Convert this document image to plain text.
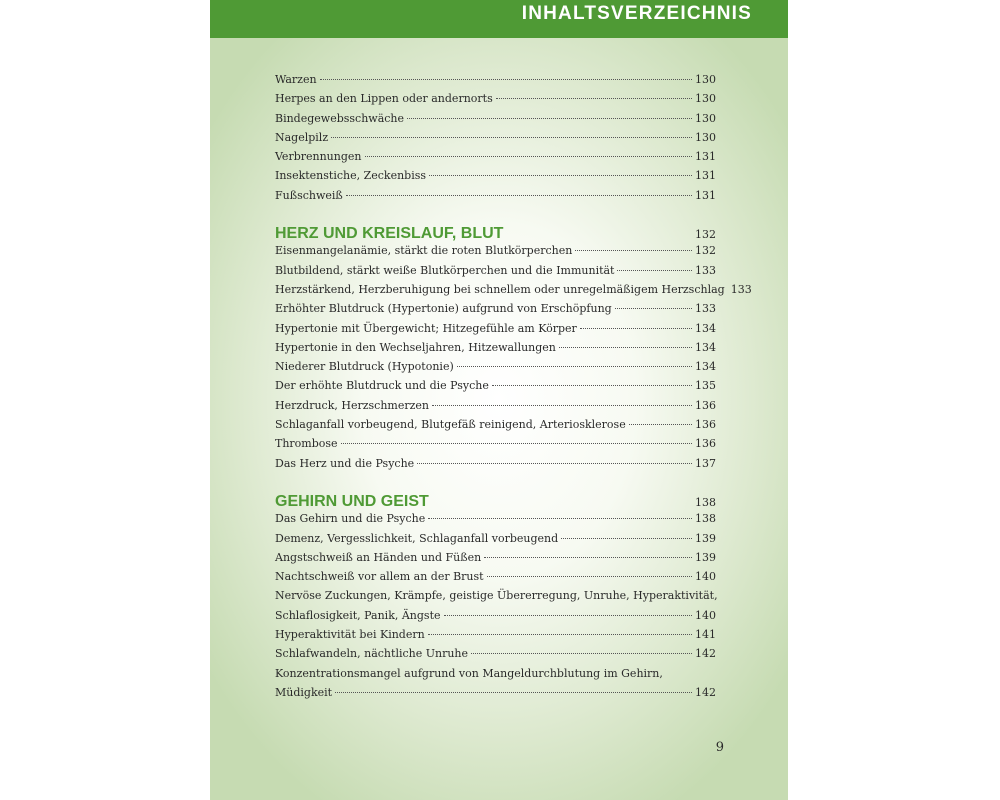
INHALTSVERZEICHNIS
Warzen	130
Herpes an den Lippen oder andernorts	130
Bindegewebsschwäche	130
Nagelpilz	130
Verbrennungen	131
Insektenstiche, Zeckenbiss	131
Fußschweiß	131
HERZ UND KREISLAUF, BLUT	132
Eisenmangelanämie, stärkt die roten Blutkörperchen	132
Blutbildend, stärkt weiße Blutkörperchen und die Immunität	133
Herzstärkend, Herzberuhigung bei schnellem oder unregelmäßigem Herzschlag 133
Erhöhter Blutdruck (Hypertonie) aufgrund von Erschöpfung	133
Hypertonie mit Übergewicht; Hitzegefühle am Körper	134
Hypertonie in den Wechseljahren, Hitzewallungen	134
Niederer Blutdruck (Hypotonie)	134
Der erhöhte Blutdruck und die Psyche	135
Herzdruck, Herzschmerzen	136
Schlaganfall vorbeugend, Blutgefäß reinigend, Arteriosklerose	136
Thrombose	136
Das Herz und die Psyche	137
GEHIRN UND GEIST	138
Das Gehirn und die Psyche	138
Demenz, Vergesslichkeit, Schlaganfall vorbeugend	139
Angstschweiß an Händen und Füßen	139
Nachtschweiß vor allem an der Brust	140
Nervöse Zuckungen, Krämpfe, geistige Übererregung, Unruhe, Hyperaktivität,
Schlaflosigkeit, Panik, Ängste	140
Hyperaktivität bei Kindern	141
Schlafwandeln, nächtliche Unruhe	142
Konzentrationsmangel aufgrund von Mangeldurchblutung im Gehirn,
Müdigkeit	142
9
